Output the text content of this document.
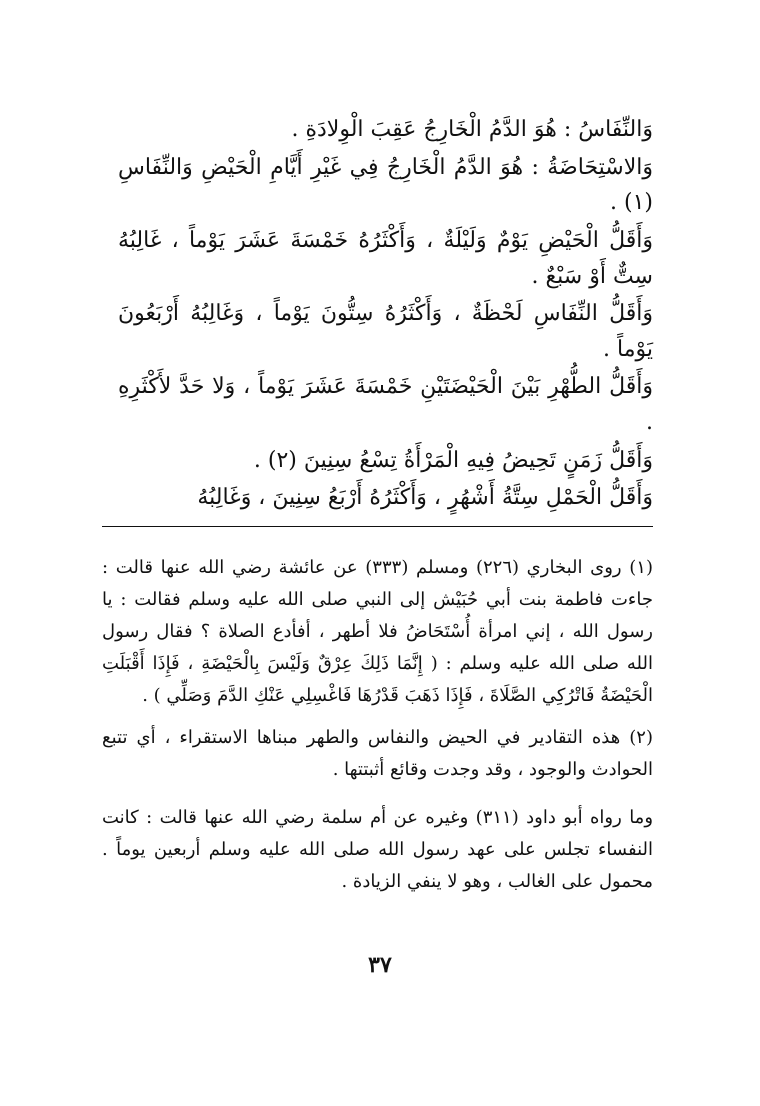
وَالنِّفَاسُ : هُوَ الدَّمُ الْخَارِجُ عَقِبَ الْوِلادَةِ .

وَالاسْتِحَاضَةُ : هُوَ الدَّمُ الْخَارِجُ فِي غَيْرِ أَيَّامِ الْحَيْضِ وَالنِّفَاسِ (١) .

وَأَقَلُّ الْحَيْضِ يَوْمٌ وَلَيْلَةٌ ، وَأَكْثَرُهُ خَمْسَةَ عَشَرَ يَوْماً ، غَالِبُهُ سِتٌّ أَوْ سَبْعٌ .

وَأَقَلُّ النِّفَاسِ لَحْظَةٌ ، وَأَكْثَرُهُ سِتُّونَ يَوْماً ، وَغَالِبُهُ أَرْبَعُونَ يَوْماً .

وَأَقَلُّ الطُّهْرِ بَيْنَ الْحَيْضَتَيْنِ خَمْسَةَ عَشَرَ يَوْماً ، وَلا حَدَّ لأَكْثَرِهِ .

وَأَقَلُّ زَمَنٍ تَحِيضُ فِيهِ الْمَرْأَةُ تِسْعُ سِنِينَ (٢) .

وَأَقَلُّ الْحَمْلِ سِتَّةُ أَشْهُرٍ ، وَأَكْثَرُهُ أَرْبَعُ سِنِينَ ، وَغَالِبُهُ

(١) روى البخاري (٢٢٦) ومسلم (٣٣٣) عن عائشة رضي الله عنها قالت : جاءت فاطمة بنت أبي حُبَيْش إلى النبي صلى الله عليه وسلم فقالت : يا رسول الله ، إني امرأة أُسْتَحَاضُ فلا أطهر ، أفأدع الصلاة ؟ فقال رسول الله صلى الله عليه وسلم : ( إِنَّمَا ذَلِكَ عِرْقٌ وَلَيْسَ بِالْحَيْضَةِ ، فَإِذَا أَقْبَلَتِ الْحَيْضَةُ فَاتْرُكِي الصَّلَاةَ ، فَإِذَا ذَهَبَ قَدْرُهَا فَاغْسِلِي عَنْكِ الدَّمَ وَصَلِّي ) .

(٢) هذه التقادير في الحيض والنفاس والطهر مبناها الاستقراء ، أي تتبع الحوادث والوجود ، وقد وجدت وقائع أثبتتها .

وما رواه أبو داود (٣١١) وغيره عن أم سلمة رضي الله عنها قالت : كانت النفساء تجلس على عهد رسول الله صلى الله عليه وسلم أربعين يوماً . محمول على الغالب ، وهو لا ينفي الزيادة .

٣٧
